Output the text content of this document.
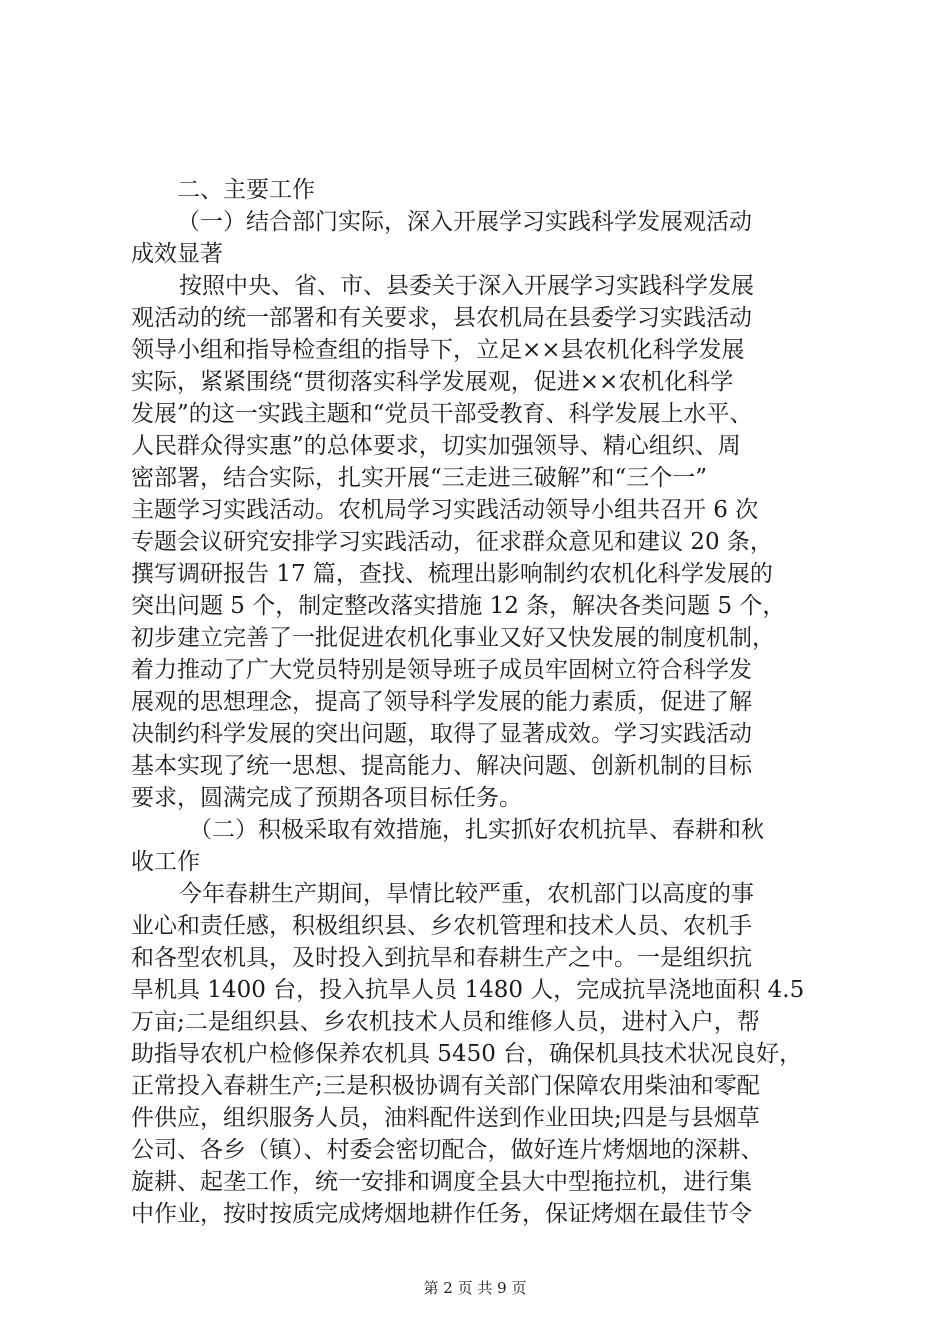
二、主要工作
（一）结合部门实际，深入开展学习实践科学发展观活动
成效显著
按照中央、省、市、县委关于深入开展学习实践科学发展
观活动的统一部署和有关要求，县农机局在县委学习实践活动
领导小组和指导检查组的指导下，立足××县农机化科学发展
实际，紧紧围绕“贯彻落实科学发展观，促进××农机化科学
发展”的这一实践主题和“党员干部受教育、科学发展上水平、
人民群众得实惠”的总体要求，切实加强领导、精心组织、周
密部署，结合实际，扎实开展“三走进三破解”和“三个一”
主题学习实践活动。农机局学习实践活动领导小组共召开 6 次
专题会议研究安排学习实践活动，征求群众意见和建议 20 条，
撰写调研报告 17 篇，查找、梳理出影响制约农机化科学发展的
突出问题 5 个，制定整改落实措施 12 条，解决各类问题 5 个，
初步建立完善了一批促进农机化事业又好又快发展的制度机制，
着力推动了广大党员特别是领导班子成员牢固树立符合科学发
展观的思想理念，提高了领导科学发展的能力素质，促进了解
决制约科学发展的突出问题，取得了显著成效。学习实践活动
基本实现了统一思想、提高能力、解决问题、创新机制的目标
要求，圆满完成了预期各项目标任务。
（二）积极采取有效措施，扎实抓好农机抗旱、春耕和秋
收工作
今年春耕生产期间，旱情比较严重，农机部门以高度的事
业心和责任感，积极组织县、乡农机管理和技术人员、农机手
和各型农机具，及时投入到抗旱和春耕生产之中。一是组织抗
旱机具 1400 台，投入抗旱人员 1480 人，完成抗旱浇地面积 4.5
万亩;二是组织县、乡农机技术人员和维修人员，进村入户，帮
助指导农机户检修保养农机具 5450 台，确保机具技术状况良好，
正常投入春耕生产;三是积极协调有关部门保障农用柴油和零配
件供应，组织服务人员，油料配件送到作业田块;四是与县烟草
公司、各乡（镇）、村委会密切配合，做好连片烤烟地的深耕、
旋耕、起垄工作，统一安排和调度全县大中型拖拉机，进行集
中作业，按时按质完成烤烟地耕作任务，保证烤烟在最佳节令
第 2 页 共 9 页
